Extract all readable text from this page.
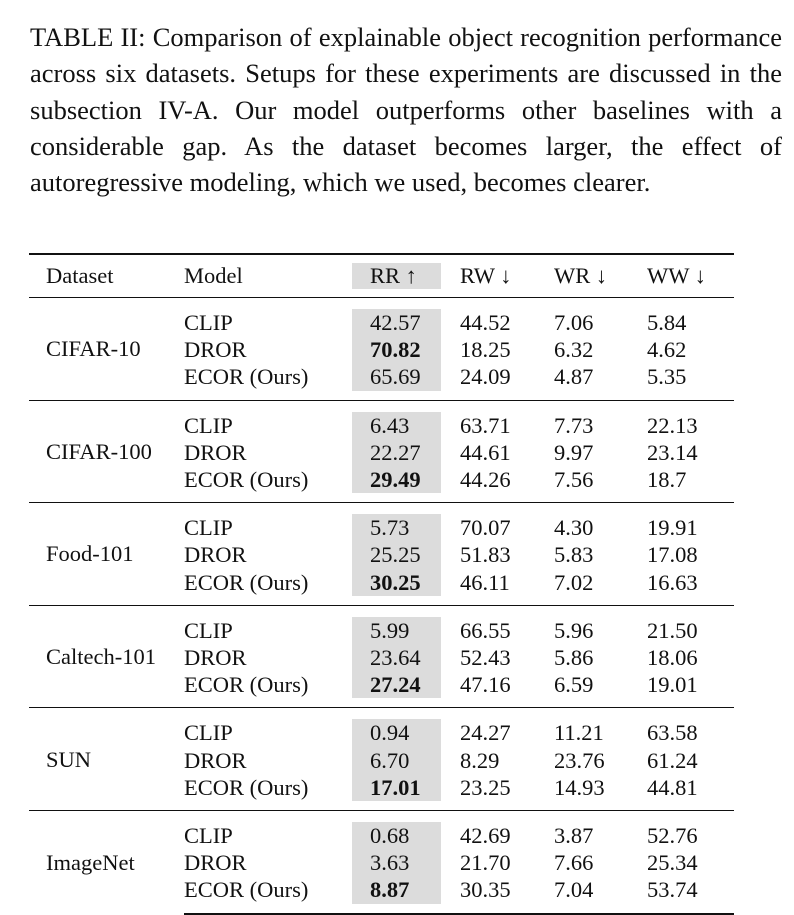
TABLE II: Comparison of explainable object recognition performance across six datasets. Setups for these experiments are discussed in the subsection IV-A. Our model outperforms other baselines with a considerable gap. As the dataset becomes larger, the effect of autoregressive modeling, which we used, becomes clearer.

Dataset	Model	RR ↑	RW ↓	WR ↓	WW ↓
CIFAR-10	CLIP	42.57	44.52	7.06	5.84
	DROR	70.82	18.25	6.32	4.62
	ECOR (Ours)	65.69	24.09	4.87	5.35
CIFAR-100	CLIP	6.43	63.71	7.73	22.13
	DROR	22.27	44.61	9.97	23.14
	ECOR (Ours)	29.49	44.26	7.56	18.7
Food-101	CLIP	5.73	70.07	4.30	19.91
	DROR	25.25	51.83	5.83	17.08
	ECOR (Ours)	30.25	46.11	7.02	16.63
Caltech-101	CLIP	5.99	66.55	5.96	21.50
	DROR	23.64	52.43	5.86	18.06
	ECOR (Ours)	27.24	47.16	6.59	19.01
SUN	CLIP	0.94	24.27	11.21	63.58
	DROR	6.70	8.29	23.76	61.24
	ECOR (Ours)	17.01	23.25	14.93	44.81
ImageNet	CLIP	0.68	42.69	3.87	52.76
	DROR	3.63	21.70	7.66	25.34
	ECOR (Ours)	8.87	30.35	7.04	53.74
